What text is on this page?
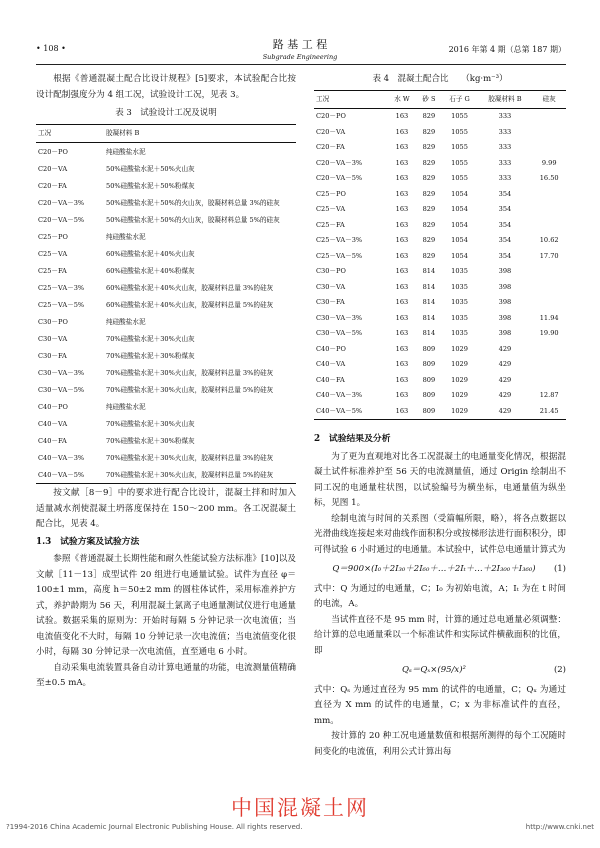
• 108 •	路 基 工 程
Subgrade Engineering
2016 年第 4 期（总第 187 期）

根据《普通混凝土配合比设计规程》[5]要求，本试验配合比按设计配制强度分为 4 组工况，试验设计工况，见表 3。

表 3　试验设计工况及说明
工况	胶凝材料 B
C20－PO	纯硅酸盐水泥
C20－VA	50%硅酸盐水泥＋50%火山灰
C20－FA	50%硅酸盐水泥＋50%粉煤灰
C20－VA－3%	50%硅酸盐水泥＋50%的火山灰，胶凝材料总量 3%的硅灰
C20－VA－5%	50%硅酸盐水泥＋50%的火山灰，胶凝材料总量 5%的硅灰
C25－PO	纯硅酸盐水泥
C25－VA	60%硅酸盐水泥＋40%火山灰
C25－FA	60%硅酸盐水泥＋40%粉煤灰
C25－VA－3%	60%硅酸盐水泥＋40%火山灰，胶凝材料总量 3%的硅灰
C25－VA－5%	60%硅酸盐水泥＋40%火山灰，胶凝材料总量 5%的硅灰
C30－PO	纯硅酸盐水泥
C30－VA	70%硅酸盐水泥＋30%火山灰
C30－FA	70%硅酸盐水泥＋30%粉煤灰
C30－VA－3%	70%硅酸盐水泥＋30%火山灰，胶凝材料总量 3%的硅灰
C30－VA－5%	70%硅酸盐水泥＋30%火山灰，胶凝材料总量 5%的硅灰
C40－PO	纯硅酸盐水泥
C40－VA	70%硅酸盐水泥＋30%火山灰
C40－FA	70%硅酸盐水泥＋30%粉煤灰
C40－VA－3%	70%硅酸盐水泥＋30%火山灰，胶凝材料总量 3%的硅灰
C40－VA－5%	70%硅酸盐水泥＋30%火山灰，胶凝材料总量 5%的硅灰

按文献［8－9］中的要求进行配合比设计，混凝土拌和时加入适量减水剂使混凝土坍落度保持在 150～200 mm。各工况混凝土配合比，见表 4。

1.3　试验方案及试验方法

参照《普通混凝土长期性能和耐久性能试验方法标准》[10]以及文献［11－13］成型试件 20 组进行电通量试验。试件为直径 φ＝100±1 mm，高度 h＝50±2 mm 的圆柱体试件，采用标准养护方式，养护龄期为 56 天，利用混凝土氯离子电通量测试仪进行电通量试验。数据采集的原则为：开始时每隔 5 分钟记录一次电流值；当电流值变化不大时，每隔 10 分钟记录一次电流值；当电流值变化很小时，每隔 30 分钟记录一次电流值，直至通电 6 小时。

自动采集电流装置具备自动计算电通量的功能，电流测量值精确至±0.5 mA。

表 4　混凝土配合比　　（kg·m⁻³）
工况	水 W	砂 S	石子 G	胶凝材料 B	硅灰
C20－PO	163	829	1055	333	
C20－VA	163	829	1055	333	
C20－FA	163	829	1055	333	
C20－VA－3%	163	829	1055	333	9.99
C20－VA－5%	163	829	1055	333	16.50
C25－PO	163	829	1054	354	
C25－VA	163	829	1054	354	
C25－FA	163	829	1054	354	
C25－VA－3%	163	829	1054	354	10.62
C25－VA－5%	163	829	1054	354	17.70
C30－PO	163	814	1035	398	
C30－VA	163	814	1035	398	
C30－FA	163	814	1035	398	
C30－VA－3%	163	814	1035	398	11.94
C30－VA－5%	163	814	1035	398	19.90
C40－PO	163	809	1029	429	
C40－VA	163	809	1029	429	
C40－FA	163	809	1029	429	
C40－VA－3%	163	809	1029	429	12.87
C40－VA－5%	163	809	1029	429	21.45
2　试验结果及分析

为了更为直观地对比各工况混凝土的电通量变化情况，根据混凝土试件标准养护至 56 天的电流测量值，通过 Origin 绘制出不同工况的电通量柱状图，以试验编号为横坐标，电通量值为纵坐标，见图 1。

绘制电流与时间的关系图（受篇幅所限，略），将各点数据以光滑曲线连接起来对曲线作面积积分或按梯形法进行面积积分，即可得试验 6 小时通过的电通量。本试验中，试件总电通量计算式为

Q＝900×(I₀＋2I₃₀＋2I₆₀＋…＋2Iₜ＋…＋2I₃₀₀＋I₃₆₀) (1)

式中：Q 为通过的电通量，C；I₀ 为初始电流，A；Iₜ 为在 t 时间的电流，A。

当试件直径不是 95 mm 时，计算的通过总电通量必须调整：给计算的总电通量乘以一个标准试件和实际试件横截面积的比值，即

Qₛ＝Qₓ×(95/x)²	(2)

式中：Qₛ 为通过直径为 95 mm 的试件的电通量，C；Qₓ 为通过直径为 X mm 的试件的电通量，C；x 为非标准试件的直径，mm。

按计算的 20 种工况电通量数值和根据所测得的每个工况随时间变化的电流值，利用公式计算出每

中国混凝土网
?1994-2016 China Academic Journal Electronic Publishing House. All rights reserved.	http://www.cnki.net
